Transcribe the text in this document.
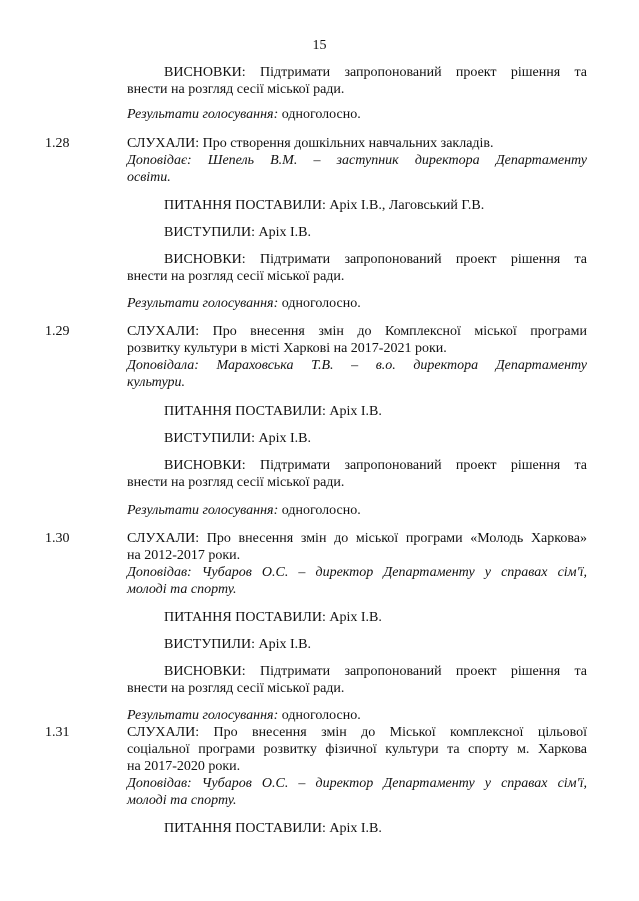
15
ВИСНОВКИ: Підтримати запропонований проект рішення та
внести на розгляд сесії міської ради.
Результати голосування: одноголосно.
1.28	СЛУХАЛИ: Про створення дошкільних навчальних закладів.
Доповідає: Шепель В.М. – заступник директора Департаменту
освіти.
ПИТАННЯ ПОСТАВИЛИ: Аріх І.В., Лаговський Г.В.
ВИСТУПИЛИ: Аріх І.В.
ВИСНОВКИ: Підтримати запропонований проект рішення та
внести на розгляд сесії міської ради.
Результати голосування: одноголосно.
1.29	СЛУХАЛИ: Про внесення змін до Комплексної міської програми
розвитку культури в місті Харкові на 2017-2021 роки.
Доповідала: Мараховська Т.В. – в.о. директора Департаменту
культури.
ПИТАННЯ ПОСТАВИЛИ: Аріх І.В.
ВИСТУПИЛИ: Аріх І.В.
ВИСНОВКИ: Підтримати запропонований проект рішення та
внести на розгляд сесії міської ради.
Результати голосування: одноголосно.
1.30	СЛУХАЛИ: Про внесення змін до міської програми «Молодь Харкова»
на 2012-2017 роки.
Доповідав: Чубаров О.С. – директор Департаменту у справах сім'ї,
молоді та спорту.
ПИТАННЯ ПОСТАВИЛИ: Аріх І.В.
ВИСТУПИЛИ: Аріх І.В.
ВИСНОВКИ: Підтримати запропонований проект рішення та
внести на розгляд сесії міської ради.
Результати голосування: одноголосно.
1.31	СЛУХАЛИ: Про внесення змін до Міської комплексної цільової
соціальної програми розвитку фізичної культури та спорту м. Харкова
на 2017-2020 роки.
Доповідав: Чубаров О.С. – директор Департаменту у справах сім'ї,
молоді та спорту.
ПИТАННЯ ПОСТАВИЛИ: Аріх І.В.
